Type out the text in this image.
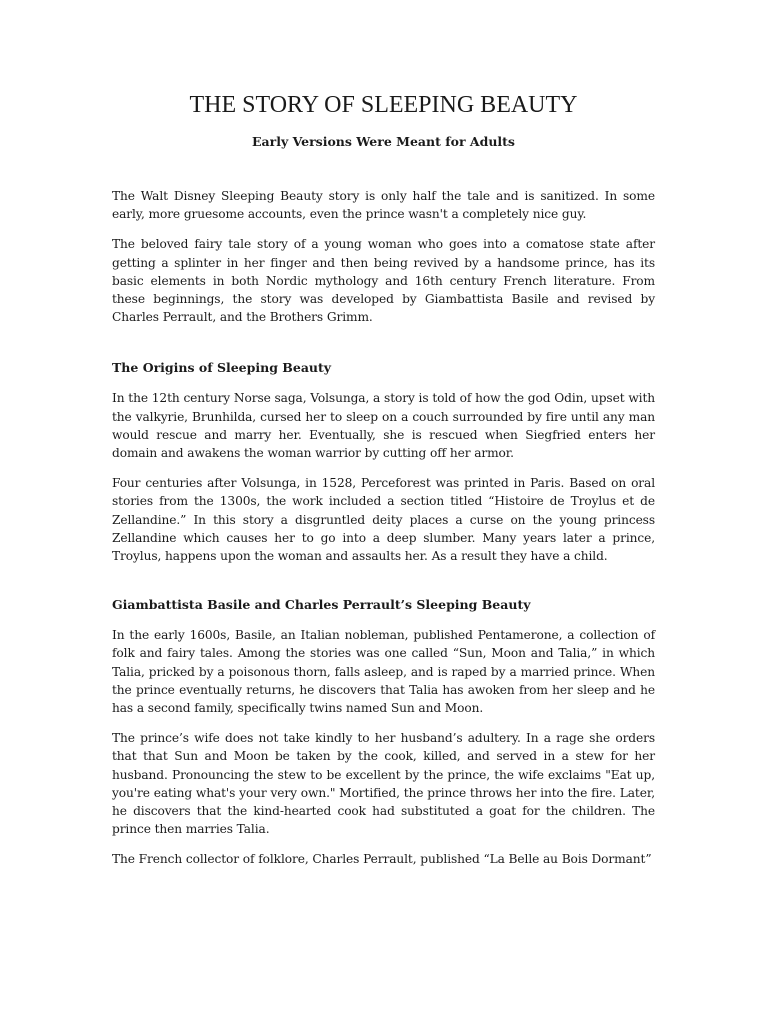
THE STORY OF SLEEPING BEAUTY
Early Versions Were Meant for Adults

The Walt Disney Sleeping Beauty story is only half the tale and is sanitized. In some early, more gruesome accounts, even the prince wasn't a completely nice guy.

The beloved fairy tale story of a young woman who goes into a comatose state after getting a splinter in her finger and then being revived by a handsome prince, has its basic elements in both Nordic mythology and 16th century French literature. From these beginnings, the story was developed by Giambattista Basile and revised by Charles Perrault, and the Brothers Grimm.

The Origins of Sleeping Beauty

In the 12th century Norse saga, Volsunga, a story is told of how the god Odin, upset with the valkyrie, Brunhilda, cursed her to sleep on a couch surrounded by fire until any man would rescue and marry her. Eventually, she is rescued when Siegfried enters her domain and awakens the woman warrior by cutting off her armor.

Four centuries after Volsunga, in 1528, Perceforest was printed in Paris. Based on oral stories from the 1300s, the work included a section titled “Histoire de Troylus et de Zellandine.” In this story a disgruntled deity places a curse on the young princess Zellandine which causes her to go into a deep slumber. Many years later a prince, Troylus, happens upon the woman and assaults her. As a result they have a child.

Giambattista Basile and Charles Perrault’s Sleeping Beauty

In the early 1600s, Basile, an Italian nobleman, published Pentamerone, a collection of folk and fairy tales. Among the stories was one called “Sun, Moon and Talia,” in which Talia, pricked by a poisonous thorn, falls asleep, and is raped by a married prince. When the prince eventually returns, he discovers that Talia has awoken from her sleep and he has a second family, specifically twins named Sun and Moon.

The prince’s wife does not take kindly to her husband’s adultery. In a rage she orders that that Sun and Moon be taken by the cook, killed, and served in a stew for her husband. Pronouncing the stew to be excellent by the prince, the wife exclaims "Eat up, you're eating what's your very own." Mortified, the prince throws her into the fire. Later, he discovers that the kind-hearted cook had substituted a goat for the children. The prince then marries Talia.

The French collector of folklore, Charles Perrault, published “La Belle au Bois Dormant”
